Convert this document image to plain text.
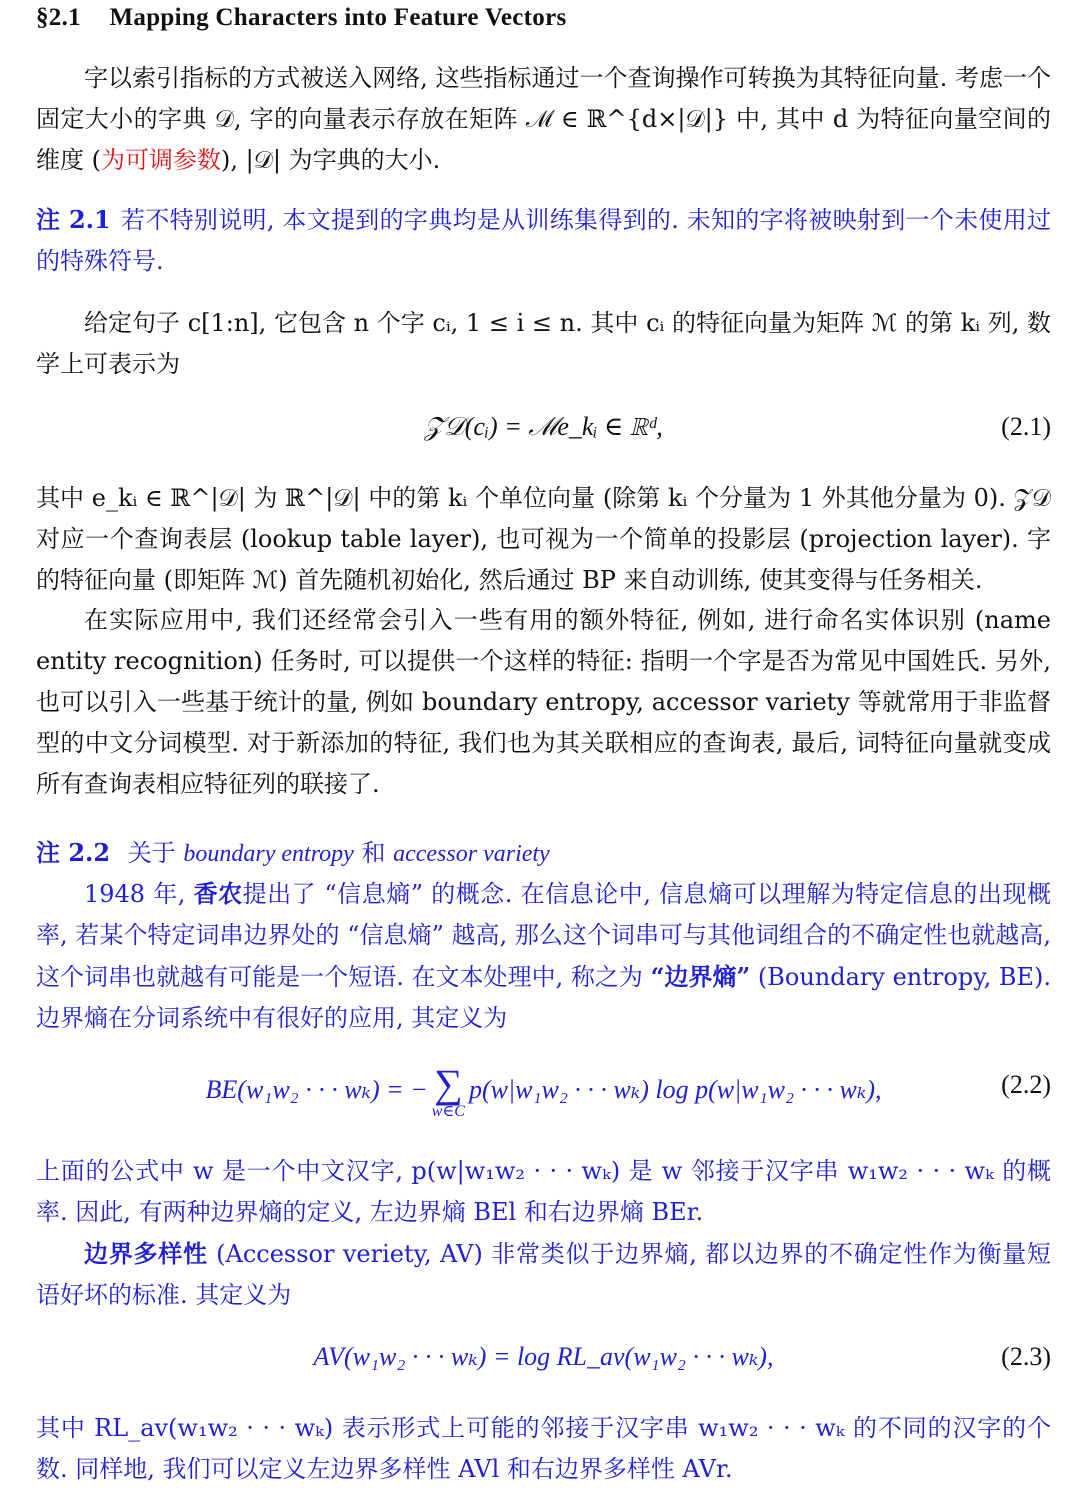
§2.1 Mapping Characters into Feature Vectors
字以索引指标的方式被送入网络, 这些指标通过一个查询操作可转换为其特征向量. 考虑一个固定大小的字典 𝒟, 字的向量表示存放在矩阵 ℳ ∈ ℝ^{d×|𝒟|} 中, 其中 d 为特征向量空间的维度 (为可调参数), |𝒟| 为字典的大小.
注 2.1 若不特别说明, 本文提到的字典均是从训练集得到的. 未知的字将被映射到一个未使用过的特殊符号.
给定句子 c[1:n], 它包含 n 个字 cᵢ, 1 ≤ i ≤ n. 其中 cᵢ 的特征向量为矩阵 ℳ 的第 kᵢ 列, 数学上可表示为
𝒵𝒟(cᵢ) = ℳe_kᵢ ∈ ℝᵈ,	(2.1)
其中 e_kᵢ ∈ ℝ^|𝒟| 为 ℝ^|𝒟| 中的第 kᵢ 个单位向量 (除第 kᵢ 个分量为 1 外其他分量为 0). 𝒵𝒟 对应一个查询表层 (lookup table layer), 也可视为一个简单的投影层 (projection layer). 字的特征向量 (即矩阵 ℳ) 首先随机初始化, 然后通过 BP 来自动训练, 使其变得与任务相关.
在实际应用中, 我们还经常会引入一些有用的额外特征, 例如, 进行命名实体识别 (name entity recognition) 任务时, 可以提供一个这样的特征: 指明一个字是否为常见中国姓氏. 另外, 也可以引入一些基于统计的量, 例如 boundary entropy, accessor variety 等就常用于非监督型的中文分词模型. 对于新添加的特征, 我们也为其关联相应的查询表, 最后, 词特征向量就变成所有查询表相应特征列的联接了.
注 2.2 关于 boundary entropy 和 accessor variety
1948 年, 香农提出了 “信息熵” 的概念. 在信息论中, 信息熵可以理解为特定信息的出现概率, 若某个特定词串边界处的 “信息熵” 越高, 那么这个词串可与其他词组合的不确定性也就越高, 这个词串也就越有可能是一个短语. 在文本处理中, 称之为 “边界熵” (Boundary entropy, BE). 边界熵在分词系统中有很好的应用, 其定义为
BE(w₁w₂ · · · wₖ) = − ∑
w∈C
p(w|w₁w₂ · · · wₖ) log p(w|w₁w₂ · · · wₖ),	(2.2)
上面的公式中 w 是一个中文汉字, p(w|w₁w₂ · · · wₖ) 是 w 邻接于汉字串 w₁w₂ · · · wₖ 的概率. 因此, 有两种边界熵的定义, 左边界熵 BEl 和右边界熵 BEr.
边界多样性 (Accessor veriety, AV) 非常类似于边界熵, 都以边界的不确定性作为衡量短语好坏的标准. 其定义为
AV(w₁w₂ · · · wₖ) = log RL_av(w₁w₂ · · · wₖ),	(2.3)
其中 RL_av(w₁w₂ · · · wₖ) 表示形式上可能的邻接于汉字串 w₁w₂ · · · wₖ 的不同的汉字的个数. 同样地, 我们可以定义左边界多样性 AVl 和右边界多样性 AVr.
